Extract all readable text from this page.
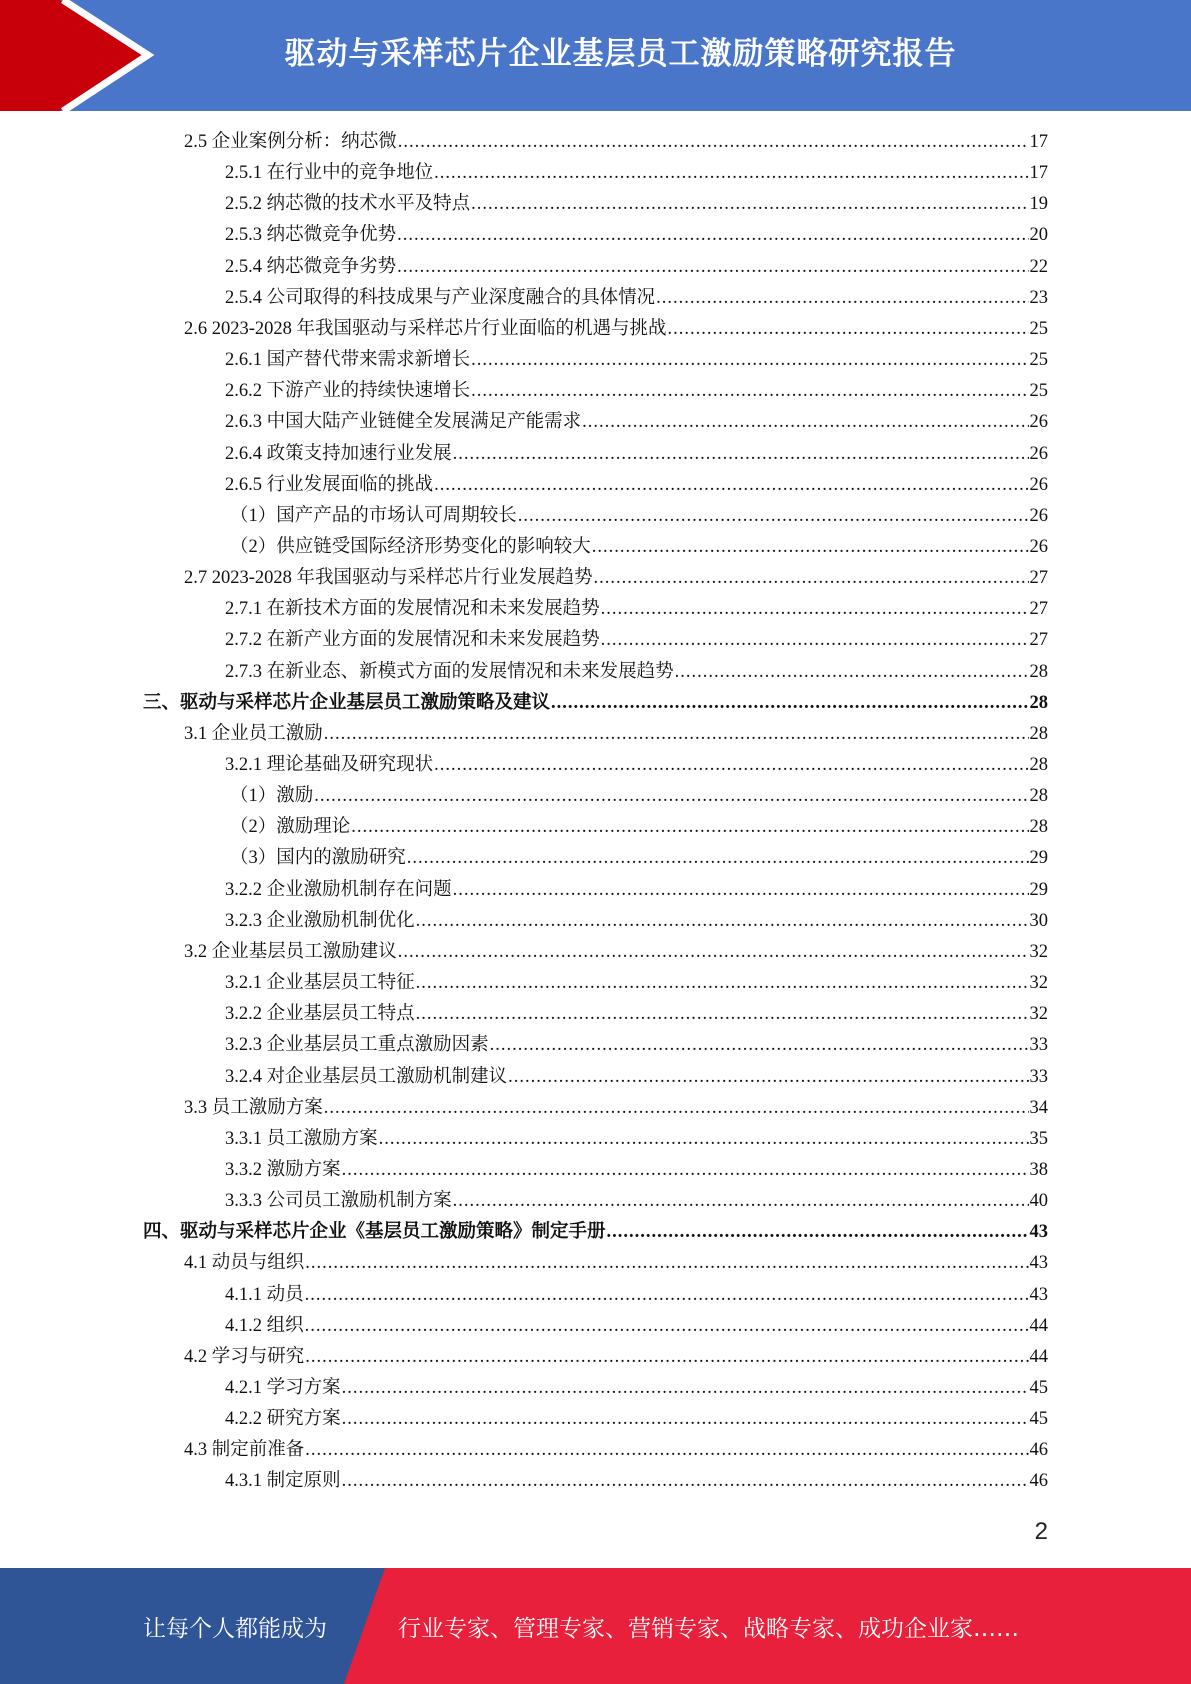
驱动与采样芯片企业基层员工激励策略研究报告
2.5 企业案例分析：纳芯微 .....	17
2.5.1 在行业中的竞争地位 .....	17
2.5.2 纳芯微的技术水平及特点 .....	19
2.5.3 纳芯微竞争优势 .....	20
2.5.4 纳芯微竞争劣势 .....	22
2.5.4 公司取得的科技成果与产业深度融合的具体情况 .....	23
2.6 2023-2028 年我国驱动与采样芯片行业面临的机遇与挑战 .....	25
2.6.1 国产替代带来需求新增长 .....	25
2.6.2 下游产业的持续快速增长 .....	25
2.6.3 中国大陆产业链健全发展满足产能需求 .....	26
2.6.4 政策支持加速行业发展 .....	26
2.6.5 行业发展面临的挑战 .....	26
（1）国产产品的市场认可周期较长 .....	26
（2）供应链受国际经济形势变化的影响较大 .....	26
2.7 2023-2028 年我国驱动与采样芯片行业发展趋势 .....	27
2.7.1 在新技术方面的发展情况和未来发展趋势 .....	27
2.7.2 在新产业方面的发展情况和未来发展趋势 .....	27
2.7.3 在新业态、新模式方面的发展情况和未来发展趋势 .....	28
三、驱动与采样芯片企业基层员工激励策略及建议 .....	28
3.1 企业员工激励 .....	28
3.2.1 理论基础及研究现状 .....	28
（1）激励 .....	28
（2）激励理论 .....	28
（3）国内的激励研究 .....	29
3.2.2 企业激励机制存在问题 .....	29
3.2.3 企业激励机制优化 .....	30
3.2 企业基层员工激励建议 .....	32
3.2.1 企业基层员工特征 .....	32
3.2.2 企业基层员工特点 .....	32
3.2.3 企业基层员工重点激励因素 .....	33
3.2.4 对企业基层员工激励机制建议 .....	33
3.3 员工激励方案 .....	34
3.3.1 员工激励方案 .....	35
3.3.2 激励方案 .....	38
3.3.3 公司员工激励机制方案 .....	40
四、驱动与采样芯片企业《基层员工激励策略》制定手册 .....	43
4.1 动员与组织 .....	43
4.1.1 动员 .....	43
4.1.2 组织 .....	44
4.2 学习与研究 .....	44
4.2.1 学习方案 .....	45
4.2.2 研究方案 .....	45
4.3 制定前准备 .....	46
4.3.1 制定原则 .....	46
2
让每个人都能成为	行业专家、管理专家、营销专家、战略专家、成功企业家……
